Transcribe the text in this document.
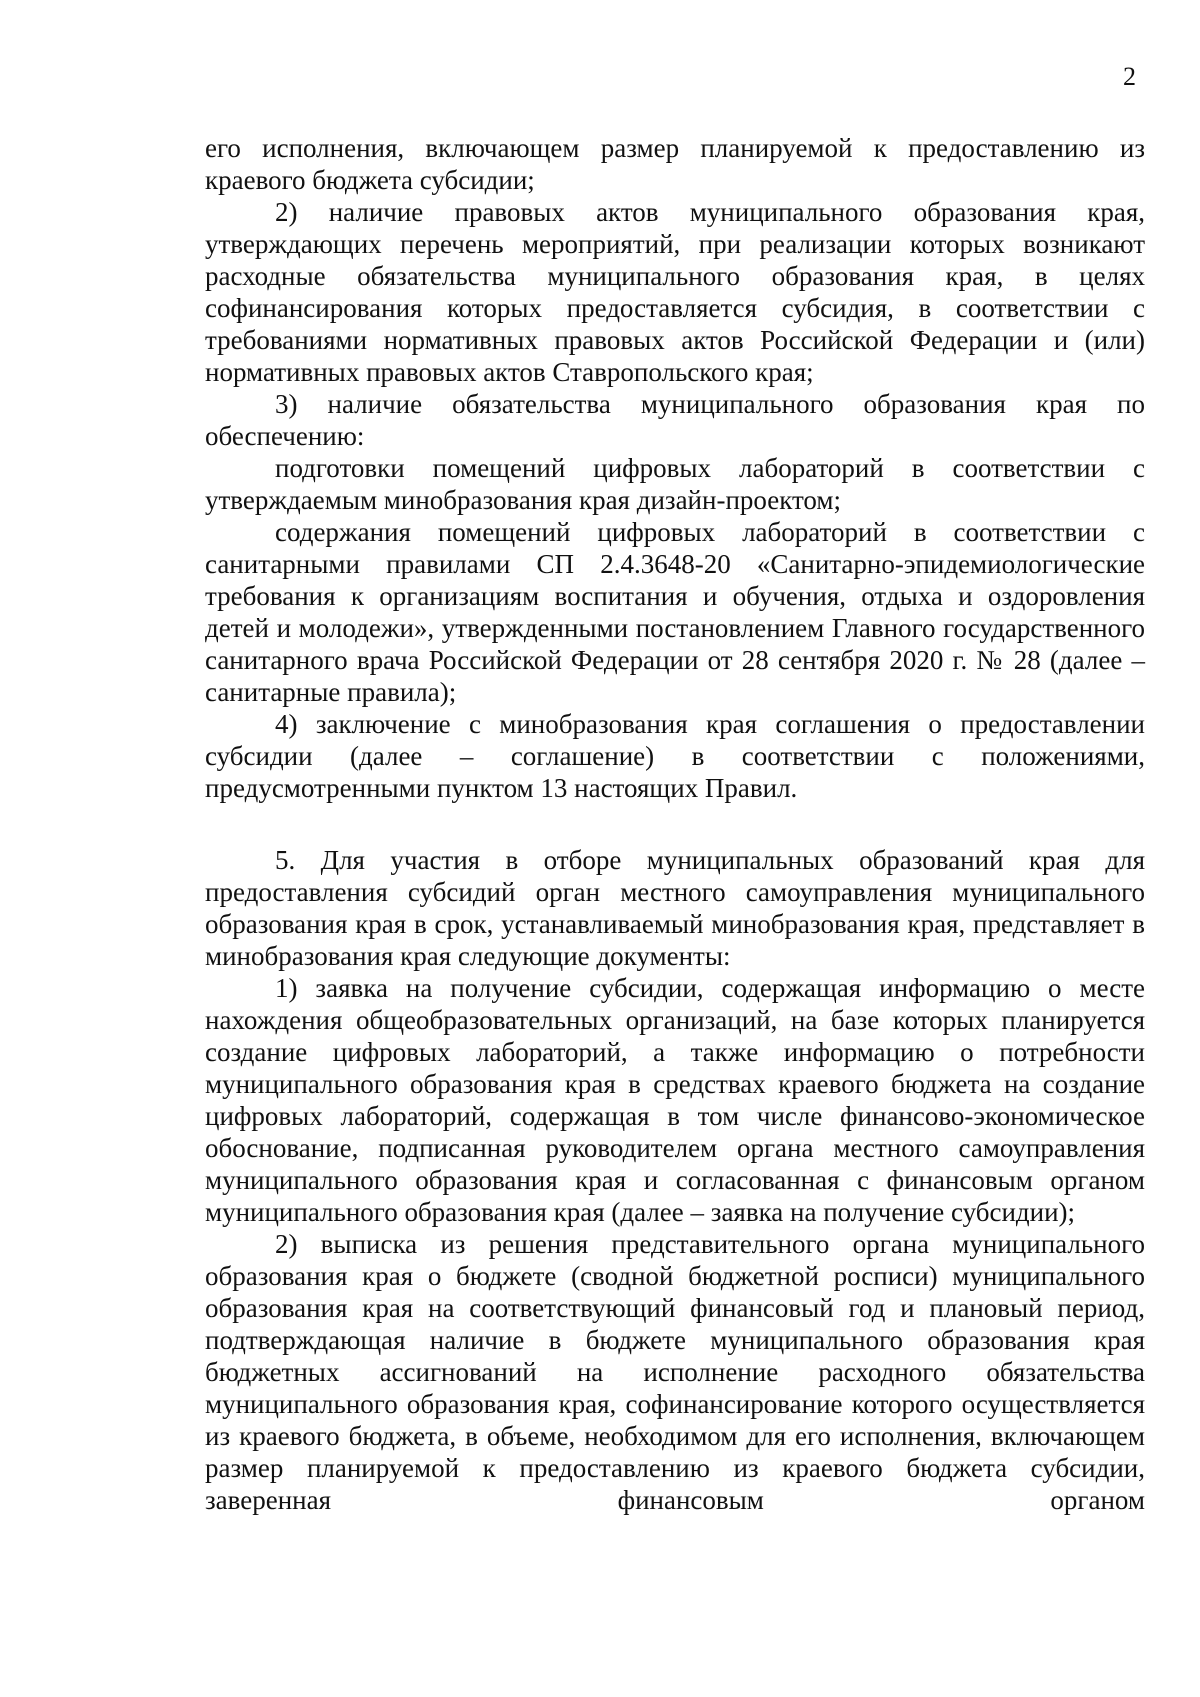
2

его исполнения, включающем размер планируемой к предоставлению из краевого бюджета субсидии;

2) наличие правовых актов муниципального образования края, утверждающих перечень мероприятий, при реализации которых возникают расходные обязательства муниципального образования края, в целях софинансирования которых предоставляется субсидия, в соответствии с требованиями нормативных правовых актов Российской Федерации и (или) нормативных правовых актов Ставропольского края;

3) наличие обязательства муниципального образования края по обеспечению:

подготовки помещений цифровых лабораторий в соответствии с утверждаемым минобразования края дизайн-проектом;

содержания помещений цифровых лабораторий в соответствии с санитарными правилами СП 2.4.3648-20 «Санитарно-эпидемиологические требования к организациям воспитания и обучения, отдыха и оздоровления детей и молодежи», утвержденными постановлением Главного государственного санитарного врача Российской Федерации от 28 сентября 2020 г. № 28 (далее – санитарные правила);

4) заключение с минобразования края соглашения о предоставлении субсидии (далее – соглашение) в соответствии с положениями, предусмотренными пунктом 13 настоящих Правил.

5. Для участия в отборе муниципальных образований края для предоставления субсидий орган местного самоуправления муниципального образования края в срок, устанавливаемый минобразования края, представляет в минобразования края следующие документы:

1) заявка на получение субсидии, содержащая информацию о месте нахождения общеобразовательных организаций, на базе которых планируется создание цифровых лабораторий, а также информацию о потребности муниципального образования края в средствах краевого бюджета на создание цифровых лабораторий, содержащая в том числе финансово-экономическое обоснование, подписанная руководителем органа местного самоуправления муниципального образования края и согласованная с финансовым органом муниципального образования края (далее – заявка на получение субсидии);

2) выписка из решения представительного органа муниципального образования края о бюджете (сводной бюджетной росписи) муниципального образования края на соответствующий финансовый год и плановый период, подтверждающая наличие в бюджете муниципального образования края бюджетных ассигнований на исполнение расходного обязательства муниципального образования края, софинансирование которого осуществляется из краевого бюджета, в объеме, необходимом для его исполнения, включающем размер планируемой к предоставлению из краевого бюджета субсидии, заверенная финансовым органом
